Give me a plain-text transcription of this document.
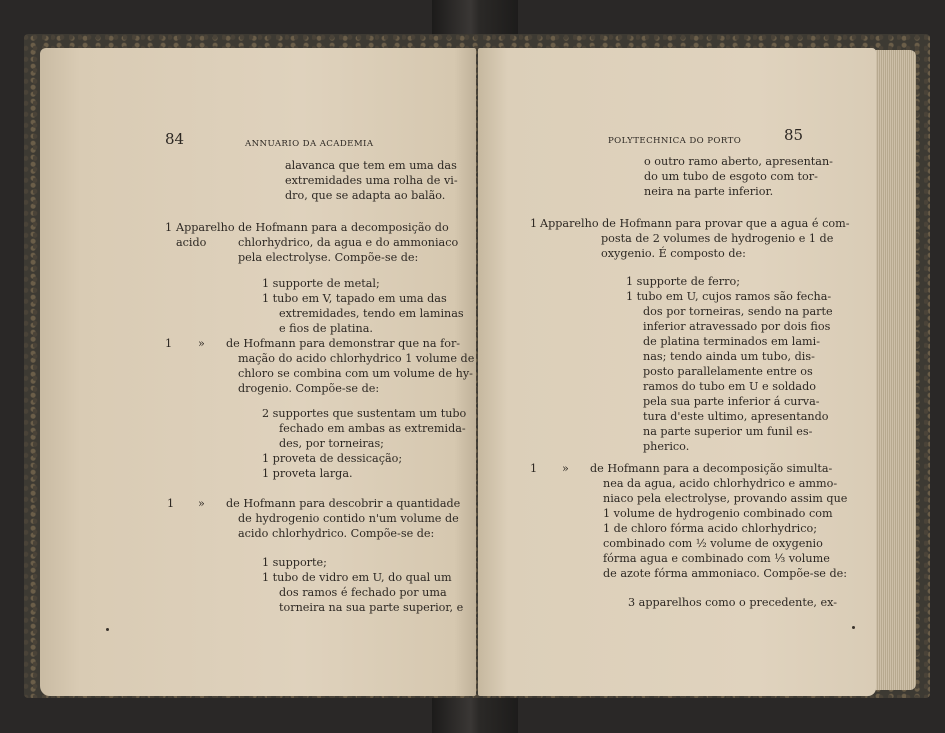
84	ANNUARIO DA ACADEMIA
alavanca que tem em uma das
extremidades uma rolha de vi-
dro, que se adapta ao balão.
1 Apparelho de Hofmann para a decomposição do acido	chlorhydrico, da agua e do ammoniaco
pela electrolyse. Compõe-se de:
1 supporte de metal;
1 tubo em V, tapado em uma das
extremidades, tendo em laminas
e fios de platina.
1 » de Hofmann para demonstrar que na for-
mação do acido chlorhydrico 1 volume de
chloro se combina com um volume de hy-
drogenio. Compõe-se de:
2 supportes que sustentam um tubo
fechado em ambas as extremida-
des, por torneiras;
1 proveta de dessicação;
1 proveta larga.
1 » de Hofmann para descobrir a quantidade
de hydrogenio contido n'um volume de
acido chlorhydrico. Compõe-se de:
1 supporte;
1 tubo de vidro em U, do qual um
dos ramos é fechado por uma
torneira na sua parte superior, e
POLYTECHNICA DO PORTO	85
o outro ramo aberto, apresentan-
do um tubo de esgoto com tor-
neira na parte inferior.
1 Apparelho de Hofmann para provar que a agua é com-
posta de 2 volumes de hydrogenio e 1 de
oxygenio. É composto de:
1 supporte de ferro;
1 tubo em U, cujos ramos são fecha-
dos por torneiras, sendo na parte
inferior atravessado por dois fios
de platina terminados em lami-
nas; tendo ainda um tubo, dis-
posto parallelamente entre os
ramos do tubo em U e soldado
pela sua parte inferior á curva-
tura d'este ultimo, apresentando
na parte superior um funil es-
pherico.
1 » de Hofmann para a decomposição simulta-
nea da agua, acido chlorhydrico e ammo-
niaco pela electrolyse, provando assim que
1 volume de hydrogenio combinado com
1 de chloro fórma acido chlorhydrico;
combinado com ½ volume de oxygenio
fórma agua e combinado com ⅓ volume
de azote fórma ammoniaco. Compõe-se de:
3 apparelhos como o precedente, ex-
